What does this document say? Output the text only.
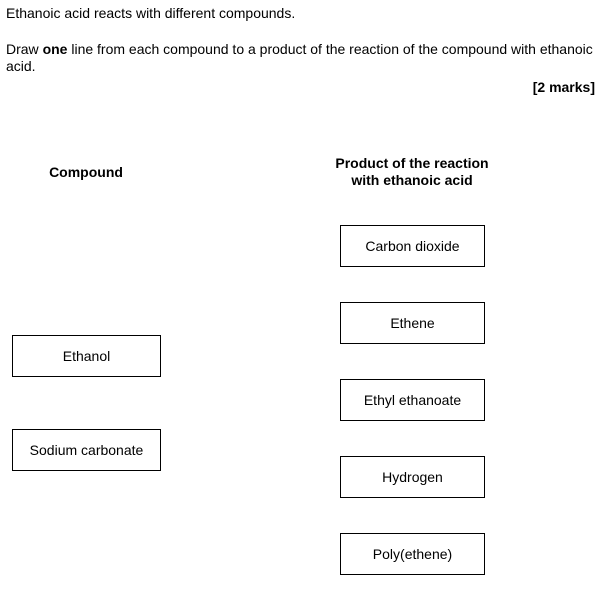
Ethanoic acid reacts with different compounds.
Draw one line from each compound to a product of the reaction of the compound with ethanoic acid.
[2 marks]
Compound
Product of the reaction
with ethanoic acid
Ethanol
Sodium carbonate
Carbon dioxide
Ethene
Ethyl ethanoate
Hydrogen
Poly(ethene)
